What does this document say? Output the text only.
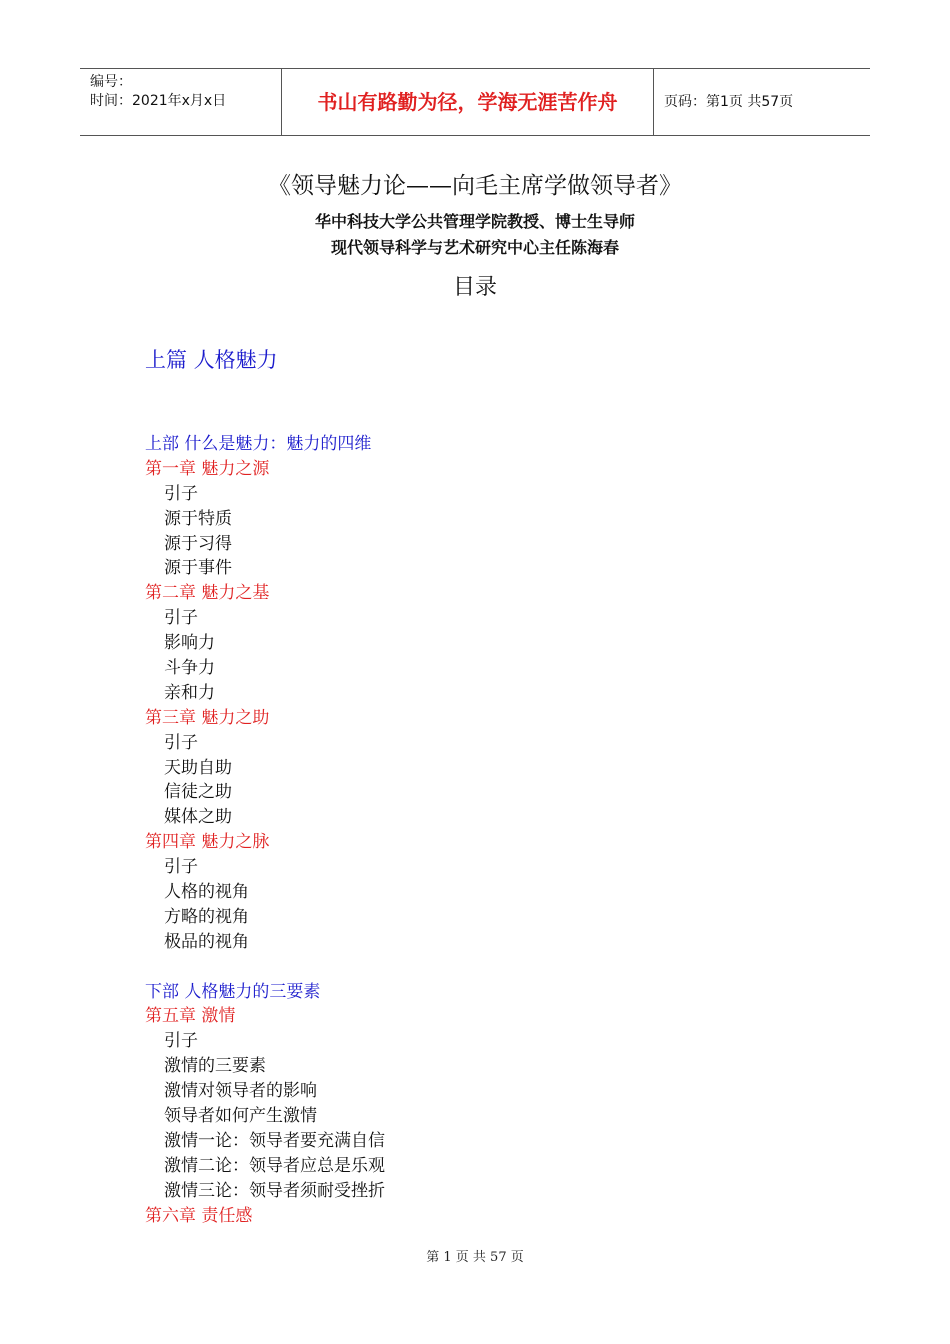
编号：
时间：2021年x月x日	书山有路勤为径，学海无涯苦作舟	页码：第1页 共57页
《领导魅力论——向毛主席学做领导者》
华中科技大学公共管理学院教授、博士生导师
现代领导科学与艺术研究中心主任陈海春
目录
上篇 人格魅力
上部 什么是魅力：魅力的四维
第一章 魅力之源
引子
源于特质
源于习得
源于事件
第二章 魅力之基
引子
影响力
斗争力
亲和力
第三章 魅力之助
引子
天助自助
信徒之助
媒体之助
第四章 魅力之脉
引子
人格的视角
方略的视角
极品的视角
下部 人格魅力的三要素
第五章 激情
引子
激情的三要素
激情对领导者的影响
领导者如何产生激情
激情一论：领导者要充满自信
激情二论：领导者应总是乐观
激情三论：领导者须耐受挫折
第六章 责任感
第 1 页 共 57 页
